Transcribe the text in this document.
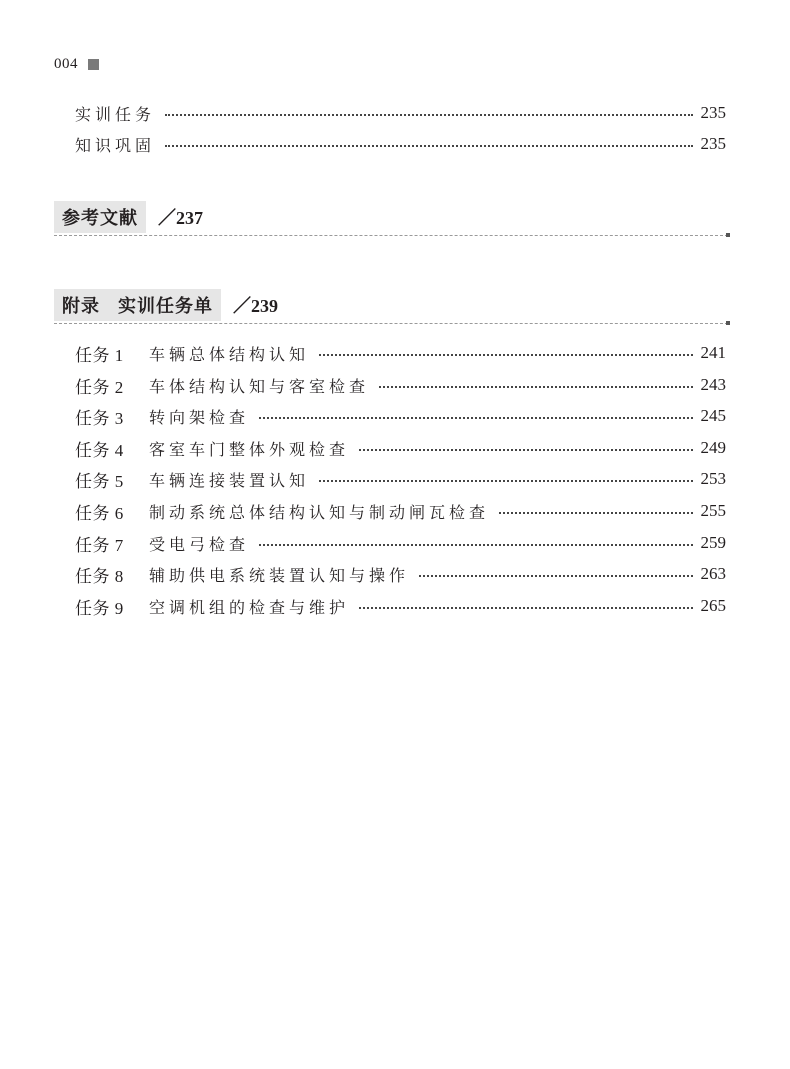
004
实训任务	235
知识巩固	235
参考文献	／237
附录 实训任务单	／239
任务 1	车辆总体结构认知	241
任务 2	车体结构认知与客室检查	243
任务 3	转向架检查	245
任务 4	客室车门整体外观检查	249
任务 5	车辆连接装置认知	253
任务 6	制动系统总体结构认知与制动闸瓦检查	255
任务 7	受电弓检查	259
任务 8	辅助供电系统装置认知与操作	263
任务 9	空调机组的检查与维护	265
